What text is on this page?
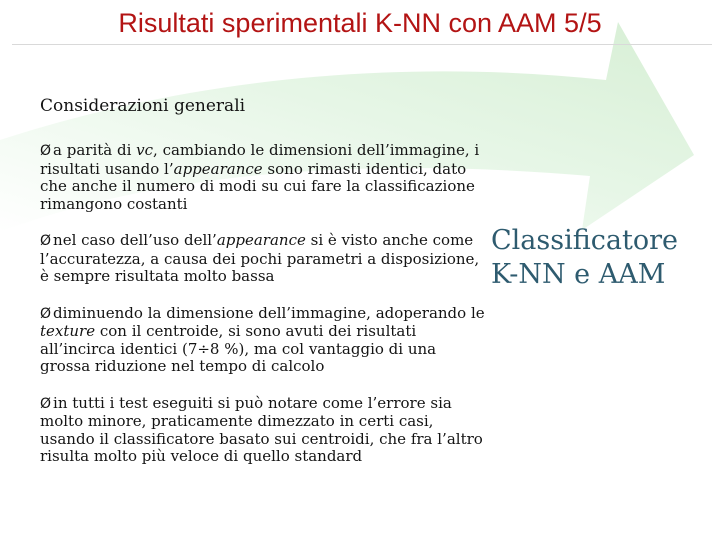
Risultati sperimentali K-NN con AAM 5/5
Considerazioni generali
Ø a parità di vc, cambiando le dimensioni dell’immagine, i risultati usando l’appearance sono rimasti identici, dato che anche il numero di modi su cui fare la classificazione rimangono costanti
Ø nel caso dell’uso dell’appearance si è visto anche come l’accuratezza, a causa dei pochi parametri a disposizione, è sempre risultata molto bassa
Ø diminuendo la dimensione dell’immagine, adoperando le texture con il centroide, si sono avuti dei risultati all’incirca identici (7÷8 %), ma col vantaggio di una grossa riduzione nel tempo di calcolo
Ø in tutti i test eseguiti si può notare come l’errore sia molto minore, praticamente dimezzato in certi casi, usando il classificatore basato sui centroidi, che fra l’altro risulta molto più veloce di quello standard
Classificatore K-NN e AAM
